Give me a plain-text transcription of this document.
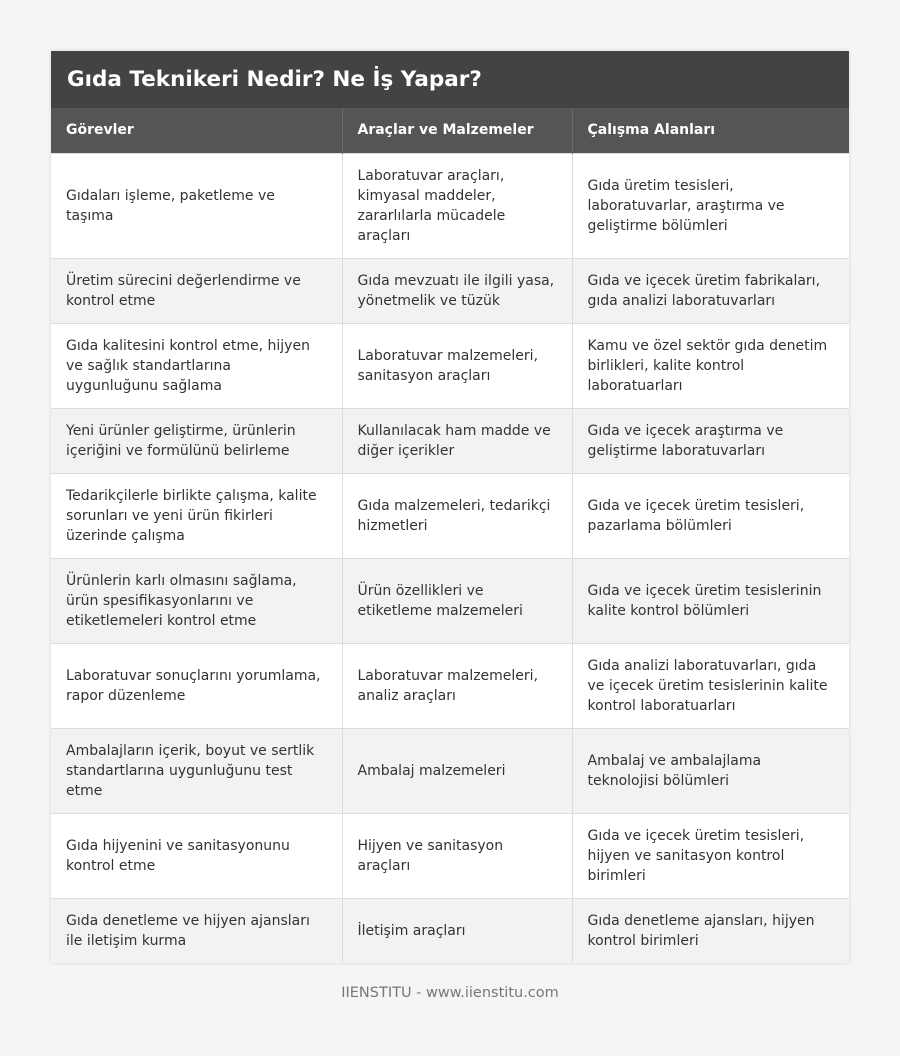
Gıda Teknikeri Nedir? Ne İş Yapar?
Görevler	Araçlar ve Malzemeler	Çalışma Alanları
Gıdaları işleme, paketleme ve taşıma	Laboratuvar araçları, kimyasal maddeler, zararlılarla mücadele araçları	Gıda üretim tesisleri, laboratuvarlar, araştırma ve geliştirme bölümleri
Üretim sürecini değerlendirme ve kontrol etme	Gıda mevzuatı ile ilgili yasa, yönetmelik ve tüzük	Gıda ve içecek üretim fabrikaları, gıda analizi laboratuvarları
Gıda kalitesini kontrol etme, hijyen ve sağlık standartlarına uygunluğunu sağlama	Laboratuvar malzemeleri, sanitasyon araçları	Kamu ve özel sektör gıda denetim birlikleri, kalite kontrol laboratuarları
Yeni ürünler geliştirme, ürünlerin içeriğini ve formülünü belirleme	Kullanılacak ham madde ve diğer içerikler	Gıda ve içecek araştırma ve geliştirme laboratuvarları
Tedarikçilerle birlikte çalışma, kalite sorunları ve yeni ürün fikirleri üzerinde çalışma	Gıda malzemeleri, tedarikçi hizmetleri	Gıda ve içecek üretim tesisleri, pazarlama bölümleri
Ürünlerin karlı olmasını sağlama, ürün spesifikasyonlarını ve etiketlemeleri kontrol etme	Ürün özellikleri ve etiketleme malzemeleri	Gıda ve içecek üretim tesislerinin kalite kontrol bölümleri
Laboratuvar sonuçlarını yorumlama, rapor düzenleme	Laboratuvar malzemeleri, analiz araçları	Gıda analizi laboratuvarları, gıda ve içecek üretim tesislerinin kalite kontrol laboratuarları
Ambalajların içerik, boyut ve sertlik standartlarına uygunluğunu test etme	Ambalaj malzemeleri	Ambalaj ve ambalajlama teknolojisi bölümleri
Gıda hijyenini ve sanitasyonunu kontrol etme	Hijyen ve sanitasyon araçları	Gıda ve içecek üretim tesisleri, hijyen ve sanitasyon kontrol birimleri
Gıda denetleme ve hijyen ajansları ile iletişim kurma	İletişim araçları	Gıda denetleme ajansları, hijyen kontrol birimleri
IIENSTITU - www.iienstitu.com
